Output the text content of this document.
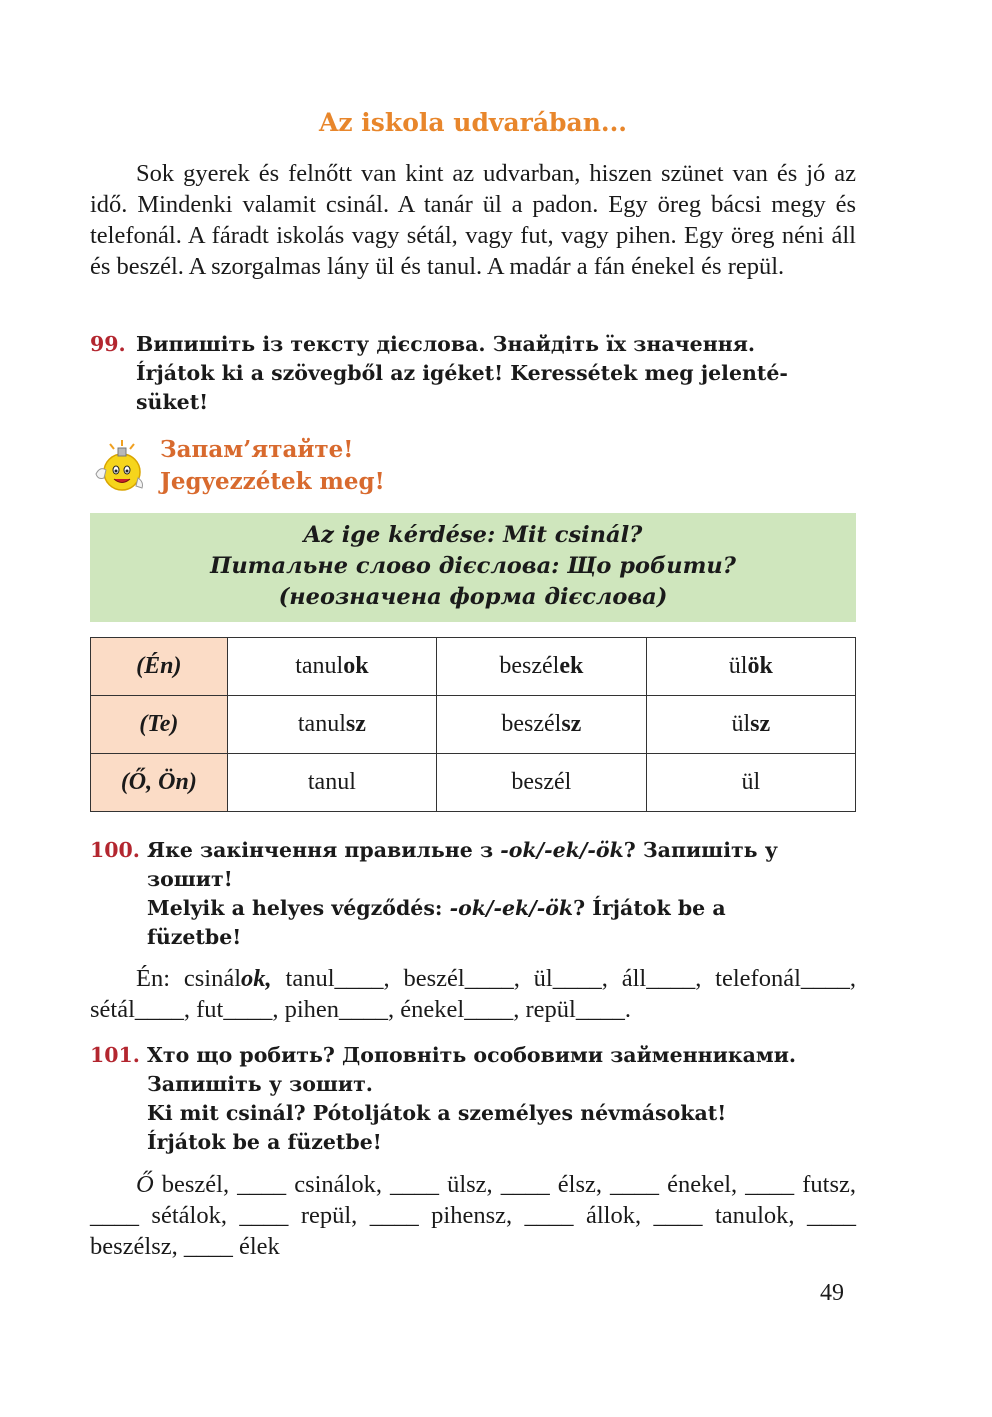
Az iskola udvarában...
Sok gyerek és felnőtt van kint az udvarban, hiszen szünet van és jó az idő. Mindenki valamit csinál. A tanár ül a padon. Egy öreg bácsi megy és telefonál. A fáradt iskolás vagy sétál, vagy fut, vagy pihen. Egy öreg néni áll és beszél. A szorgalmas lány ül és tanul. A madár a fán énekel és repül.
99. Випишіть із тексту дієслова. Знайдіть їх значення.
Írjátok ki a szövegből az igéket! Keressétek meg jelenté-
süket!
Запам’ятайте!
Jegyezzétek meg!
Az ige kérdése: Mit csinál?
Питальне слово дієслова: Що робити?
(неозначена форма дієслова)
(Én)	tanulok	beszélek	ülök
(Te)	tanulsz	beszélsz	ülsz
(Ő, Ön)	tanul	beszél	ül
100. Яке закінчення правильне з -ok/-ek/-ök? Запишіть у
зошит!
Melyik a helyes végződés: -ok/-ek/-ök? Írjátok be a
füzetbe!
Én: csinálok, tanul____, beszél____, ül____, áll____, telefonál____, sétál____, fut____, pihen____, énekel____, repül____.
101. Хто що робить? Доповніть особовими займенниками.
Запишіть у зошит.
Ki mit csinál? Pótoljátok a személyes névmásokat!
Írjátok be a füzetbe!
Ő beszél, ____ csinálok, ____ ülsz, ____ élsz, ____ énekel, ____ futsz, ____ sétálok, ____ repül, ____ pihensz, ____ állok, ____ tanulok, ____ beszélsz, ____ élek
49
